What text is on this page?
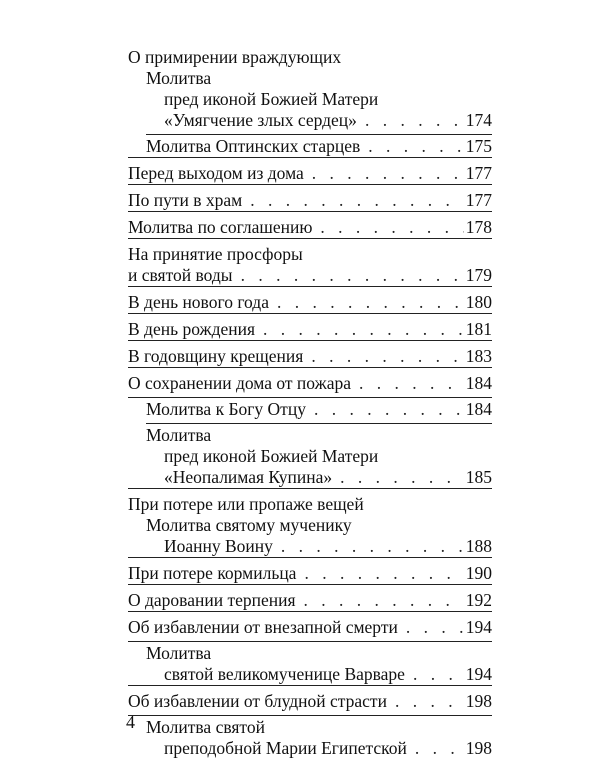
О примирении враждующих
Молитва
пред иконой Божией Матери
«Умягчение злых сердец» . . .	174
Молитва Оптинских старцев . . .	175
Перед выходом из дома . . .	177
По пути в храм . . .	177
Молитва по соглашению . . .	178
На принятие просфоры
и святой воды . . .	179
В день нового года . . .	180
В день рождения . . .	181
В годовщину крещения . . .	183
О сохранении дома от пожара . . .	184
Молитва к Богу Отцу . . .	184
Молитва
пред иконой Божией Матери
«Неопалимая Купина» . . .	185
При потере или пропаже вещей
Молитва святому мученику
Иоанну Воину . . .	188
При потере кормильца . . .	190
О даровании терпения . . .	192
Об избавлении от внезапной смерти . . .	194
Молитва
святой великомученице Варваре . . .	194
Об избавлении от блудной страсти . . .	198
Молитва святой
преподобной Марии Египетской . . .	198
4
